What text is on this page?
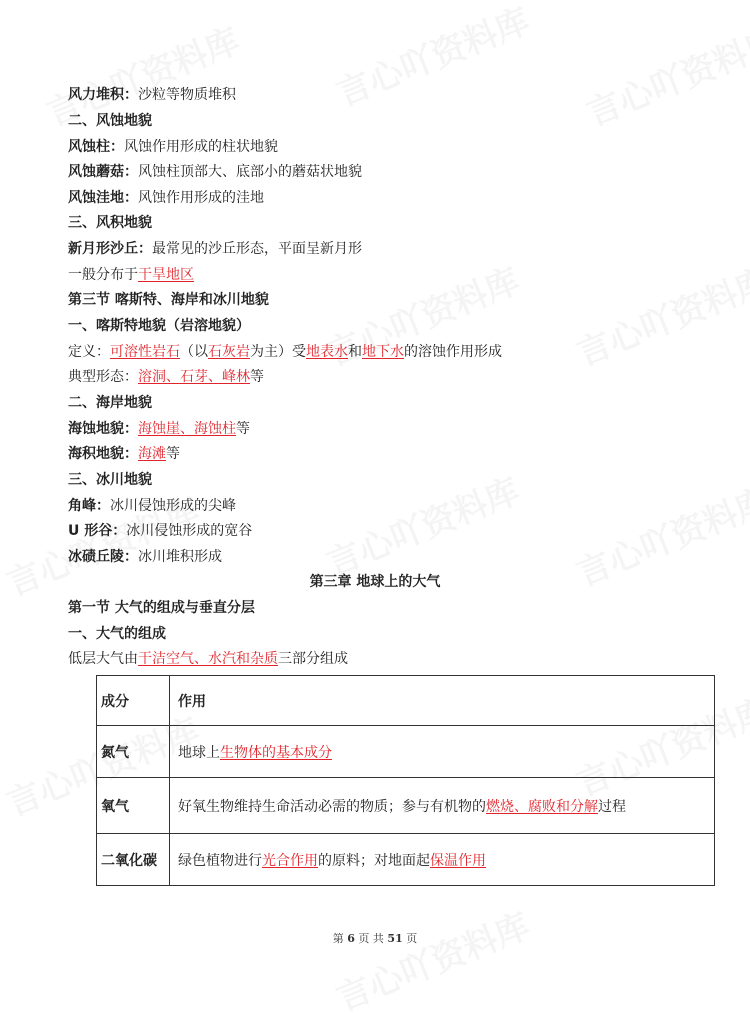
风力堆积：沙粒等物质堆积
二、风蚀地貌
风蚀柱：风蚀作用形成的柱状地貌
风蚀蘑菇：风蚀柱顶部大、底部小的蘑菇状地貌
风蚀洼地：风蚀作用形成的洼地
三、风积地貌
新月形沙丘：最常见的沙丘形态，平面呈新月形
一般分布于干旱地区
第三节 喀斯特、海岸和冰川地貌
一、喀斯特地貌（岩溶地貌）
定义：可溶性岩石（以石灰岩为主）受地表水和地下水的溶蚀作用形成
典型形态：溶洞、石芽、峰林等
二、海岸地貌
海蚀地貌：海蚀崖、海蚀柱等
海积地貌：海滩等
三、冰川地貌
角峰：冰川侵蚀形成的尖峰
U 形谷：冰川侵蚀形成的宽谷
冰碛丘陵：冰川堆积形成
第三章 地球上的大气
第一节 大气的组成与垂直分层
一、大气的组成
低层大气由干洁空气、水汽和杂质三部分组成
成分	作用
氮气	地球上生物体的基本成分
氧气	好氧生物维持生命活动必需的物质；参与有机物的燃烧、腐败和分解过程
二氧化碳	绿色植物进行光合作用的原料；对地面起保温作用
第 6 页 共 51 页
